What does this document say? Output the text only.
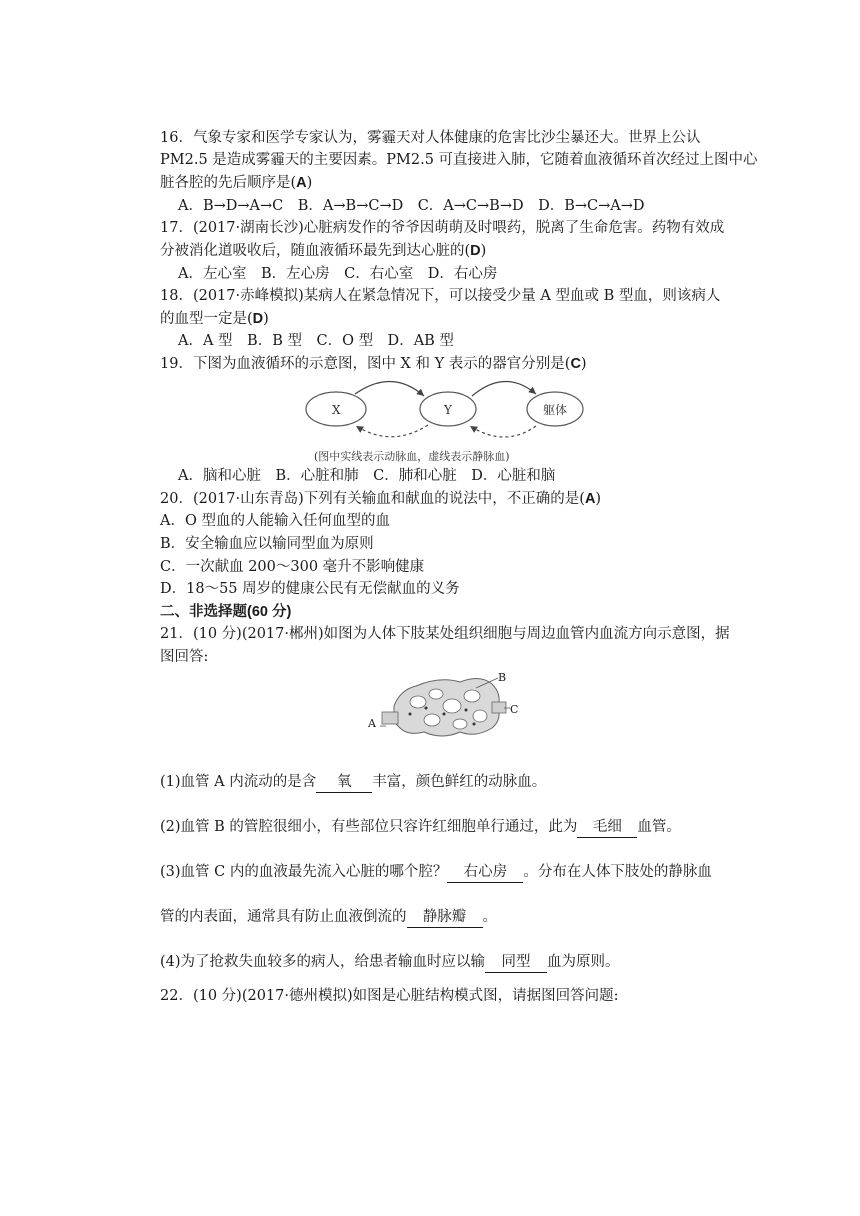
16．气象专家和医学专家认为，雾霾天对人体健康的危害比沙尘暴还大。世界上公认
PM2.5 是造成雾霾天的主要因素。PM2.5 可直接进入肺，它随着血液循环首次经过上图中心
脏各腔的先后顺序是(A)
A．B→D→A→C　B．A→B→C→D　C．A→C→B→D　D．B→C→A→D
17．(2017·湖南长沙)心脏病发作的爷爷因萌萌及时喂药，脱离了生命危害。药物有效成
分被消化道吸收后，随血液循环最先到达心脏的(D)
A．左心室　B．左心房　C．右心室　D．右心房
18．(2017·赤峰模拟)某病人在紧急情况下，可以接受少量 A 型血或 B 型血，则该病人
的血型一定是(D)
A．A 型　B．B 型　C．O 型　D．AB 型
19．下图为血液循环的示意图，图中 X 和 Y 表示的器官分别是(C)
X	Y	躯体
(图中实线表示动脉血，虚线表示静脉血)
A．脑和心脏　B．心脏和肺　C．肺和心脏　D．心脏和脑
20．(2017·山东青岛)下列有关输血和献血的说法中，不正确的是(A)
A．O 型血的人能输入任何血型的血
B．安全输血应以输同型血为原则
C．一次献血 200～300 毫升不影响健康
D．18～55 周岁的健康公民有无偿献血的义务
二、非选择题(60 分)
21．(10 分)(2017·郴州)如图为人体下肢某处组织细胞与周边血管内血流方向示意图，据
图回答:
A
B
C
(1)血管 A 内流动的是含 氧 丰富，颜色鲜红的动脉血。
(2)血管 B 的管腔很细小，有些部位只容许红细胞单行通过，此为 毛细 血管。
(3)血管 C 内的血液最先流入心脏的哪个腔？ 右心房 。分布在人体下肢处的静脉血
管的内表面，通常具有防止血液倒流的 静脉瓣 。
(4)为了抢救失血较多的病人，给患者输血时应以输 同型 血为原则。
22．(10 分)(2017·德州模拟)如图是心脏结构模式图，请据图回答问题:
